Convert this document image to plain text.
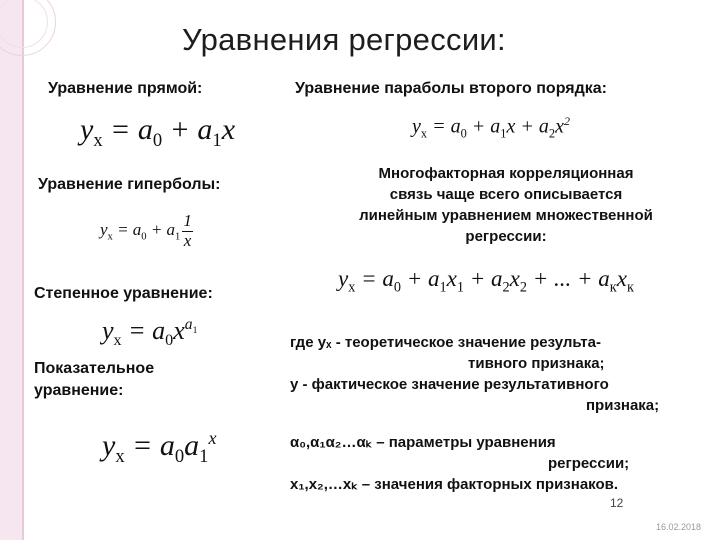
Уравнения регрессии:
Уравнение прямой:	Уравнение параболы второго порядка:
$y_x = a_0 + a_1x$	$y_x = a_0 + a_1x + a_2x^2$
Уравнение гиперболы:
$y_x = a_0 + a_1 \frac{1}{x}$
Многофакторная корреляционная
связь чаще всего описывается
линейным уравнением множественной
регрессии:
$y_x = a_0 + a_1x_1 + a_2x_2$ + ... + $a_кx_к$
Степенное уравнение:
$y_x = a_0x^{a_1}$
Показательное
уравнение:
$y_x = a_0a_1^x$
где yₓ - теоретическое значение результа-
тивного признака;
у - фактическое значение результативного
признака;
α₀,α₁α₂…αₖ – параметры уравнения
регрессии;
x₁,x₂,…xₖ – значения факторных признаков.
12
16.02.2018
